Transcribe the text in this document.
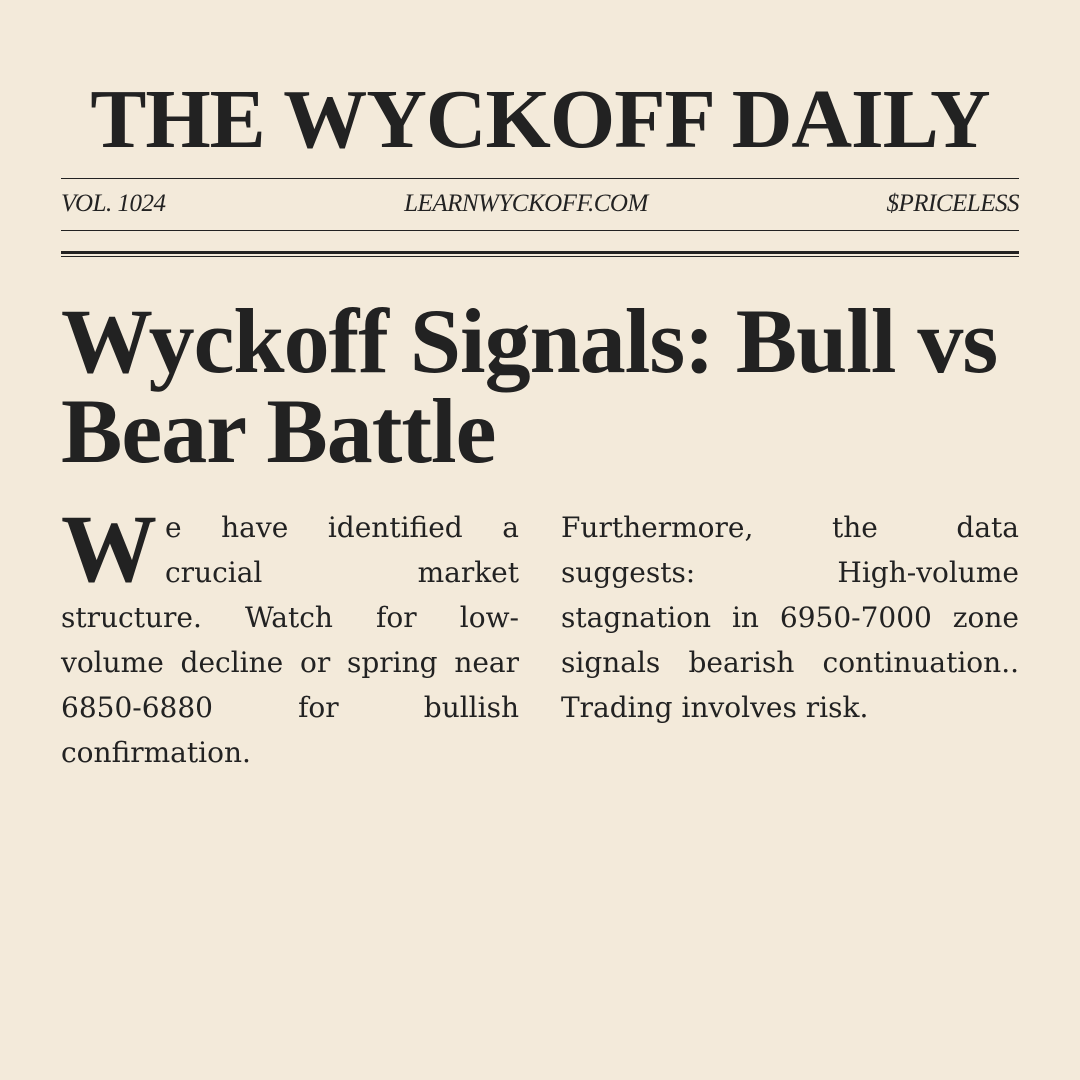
THE WYCKOFF DAILY
VOL. 1024	LEARNWYCKOFF.COM	$PRICELESS
Wyckoff Signals: Bull vs Bear Battle

We have identified a crucial market structure. Watch for low-volume decline or spring near 6850-6880 for bullish confirmation.

Furthermore, the data suggests: High-volume stagnation in 6950-7000 zone signals bearish continuation.. Trading involves risk.
